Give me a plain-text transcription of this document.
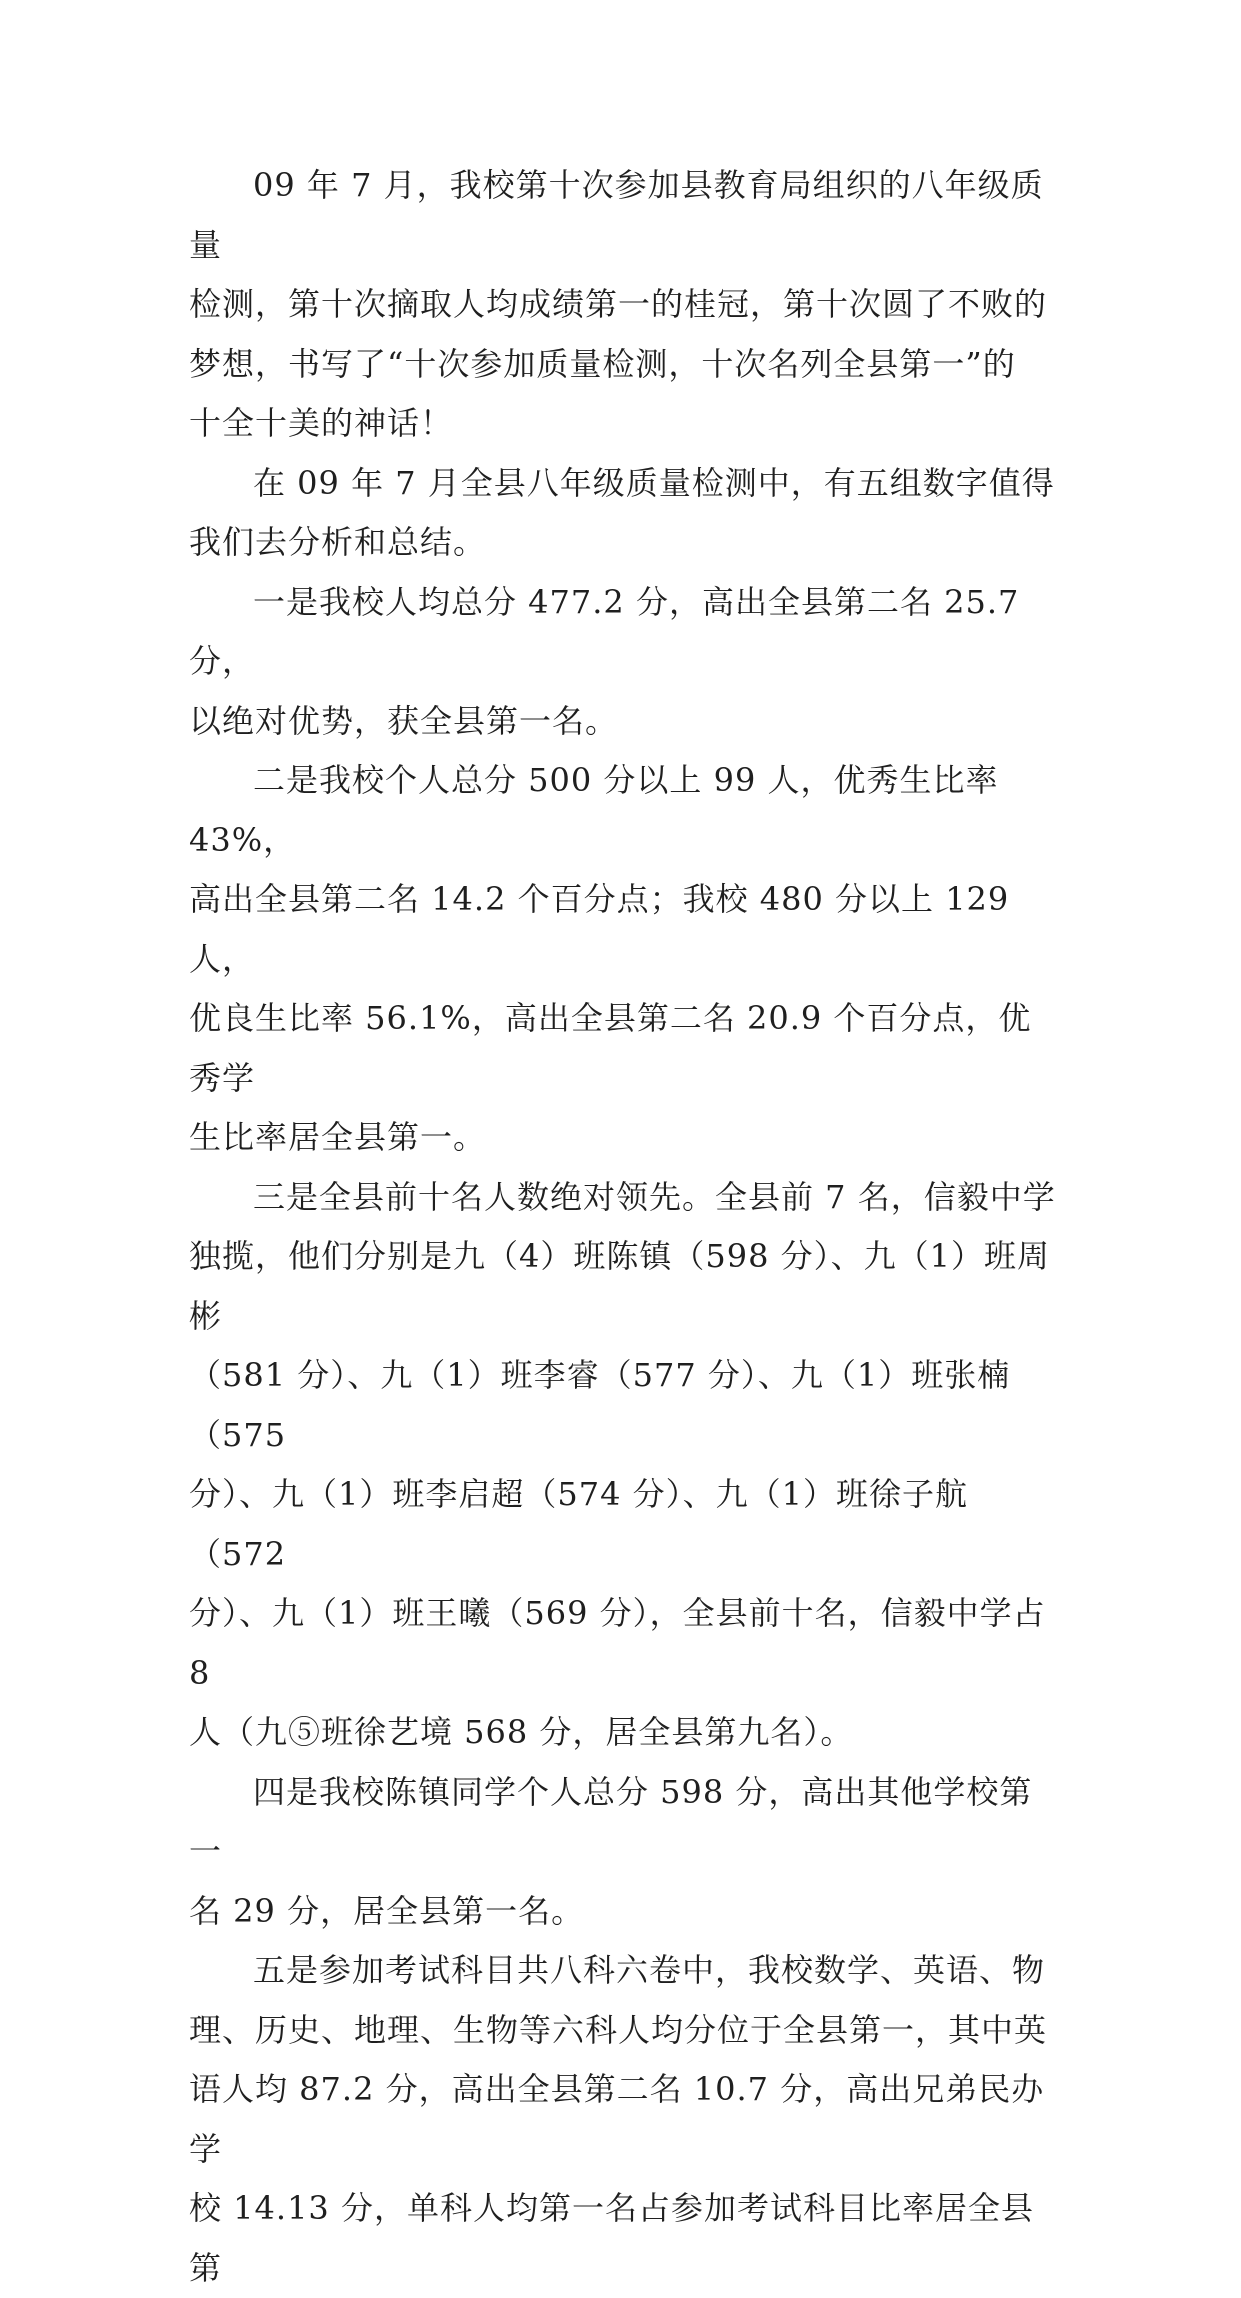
09 年 7 月，我校第十次参加县教育局组织的八年级质量
检测，第十次摘取人均成绩第一的桂冠，第十次圆了不败的
梦想，书写了“十次参加质量检测，十次名列全县第一”的
十全十美的神话！

在 09 年 7 月全县八年级质量检测中，有五组数字值得
我们去分析和总结。

一是我校人均总分 477.2 分，高出全县第二名 25.7 分，
以绝对优势，获全县第一名。

二是我校个人总分 500 分以上 99 人，优秀生比率 43%，
高出全县第二名 14.2 个百分点；我校 480 分以上 129 人，
优良生比率 56.1%，高出全县第二名 20.9 个百分点，优秀学
生比率居全县第一。

三是全县前十名人数绝对领先。全县前 7 名，信毅中学
独揽，他们分别是九（4）班陈镇（598 分）、九（1）班周彬
（581 分）、九（1）班李睿（577 分）、九（1）班张楠（575
分）、九（1）班李启超（574 分）、九（1）班徐子航（572
分）、九（1）班王曦（569 分），全县前十名，信毅中学占 8
人（九⑤班徐艺境 568 分，居全县第九名）。

四是我校陈镇同学个人总分 598 分，高出其他学校第一
名 29 分，居全县第一名。

五是参加考试科目共八科六卷中，我校数学、英语、物
理、历史、地理、生物等六科人均分位于全县第一，其中英
语人均 87.2 分，高出全县第二名 10.7 分，高出兄弟民办学
校 14.13 分，单科人均第一名占参加考试科目比率居全县第
